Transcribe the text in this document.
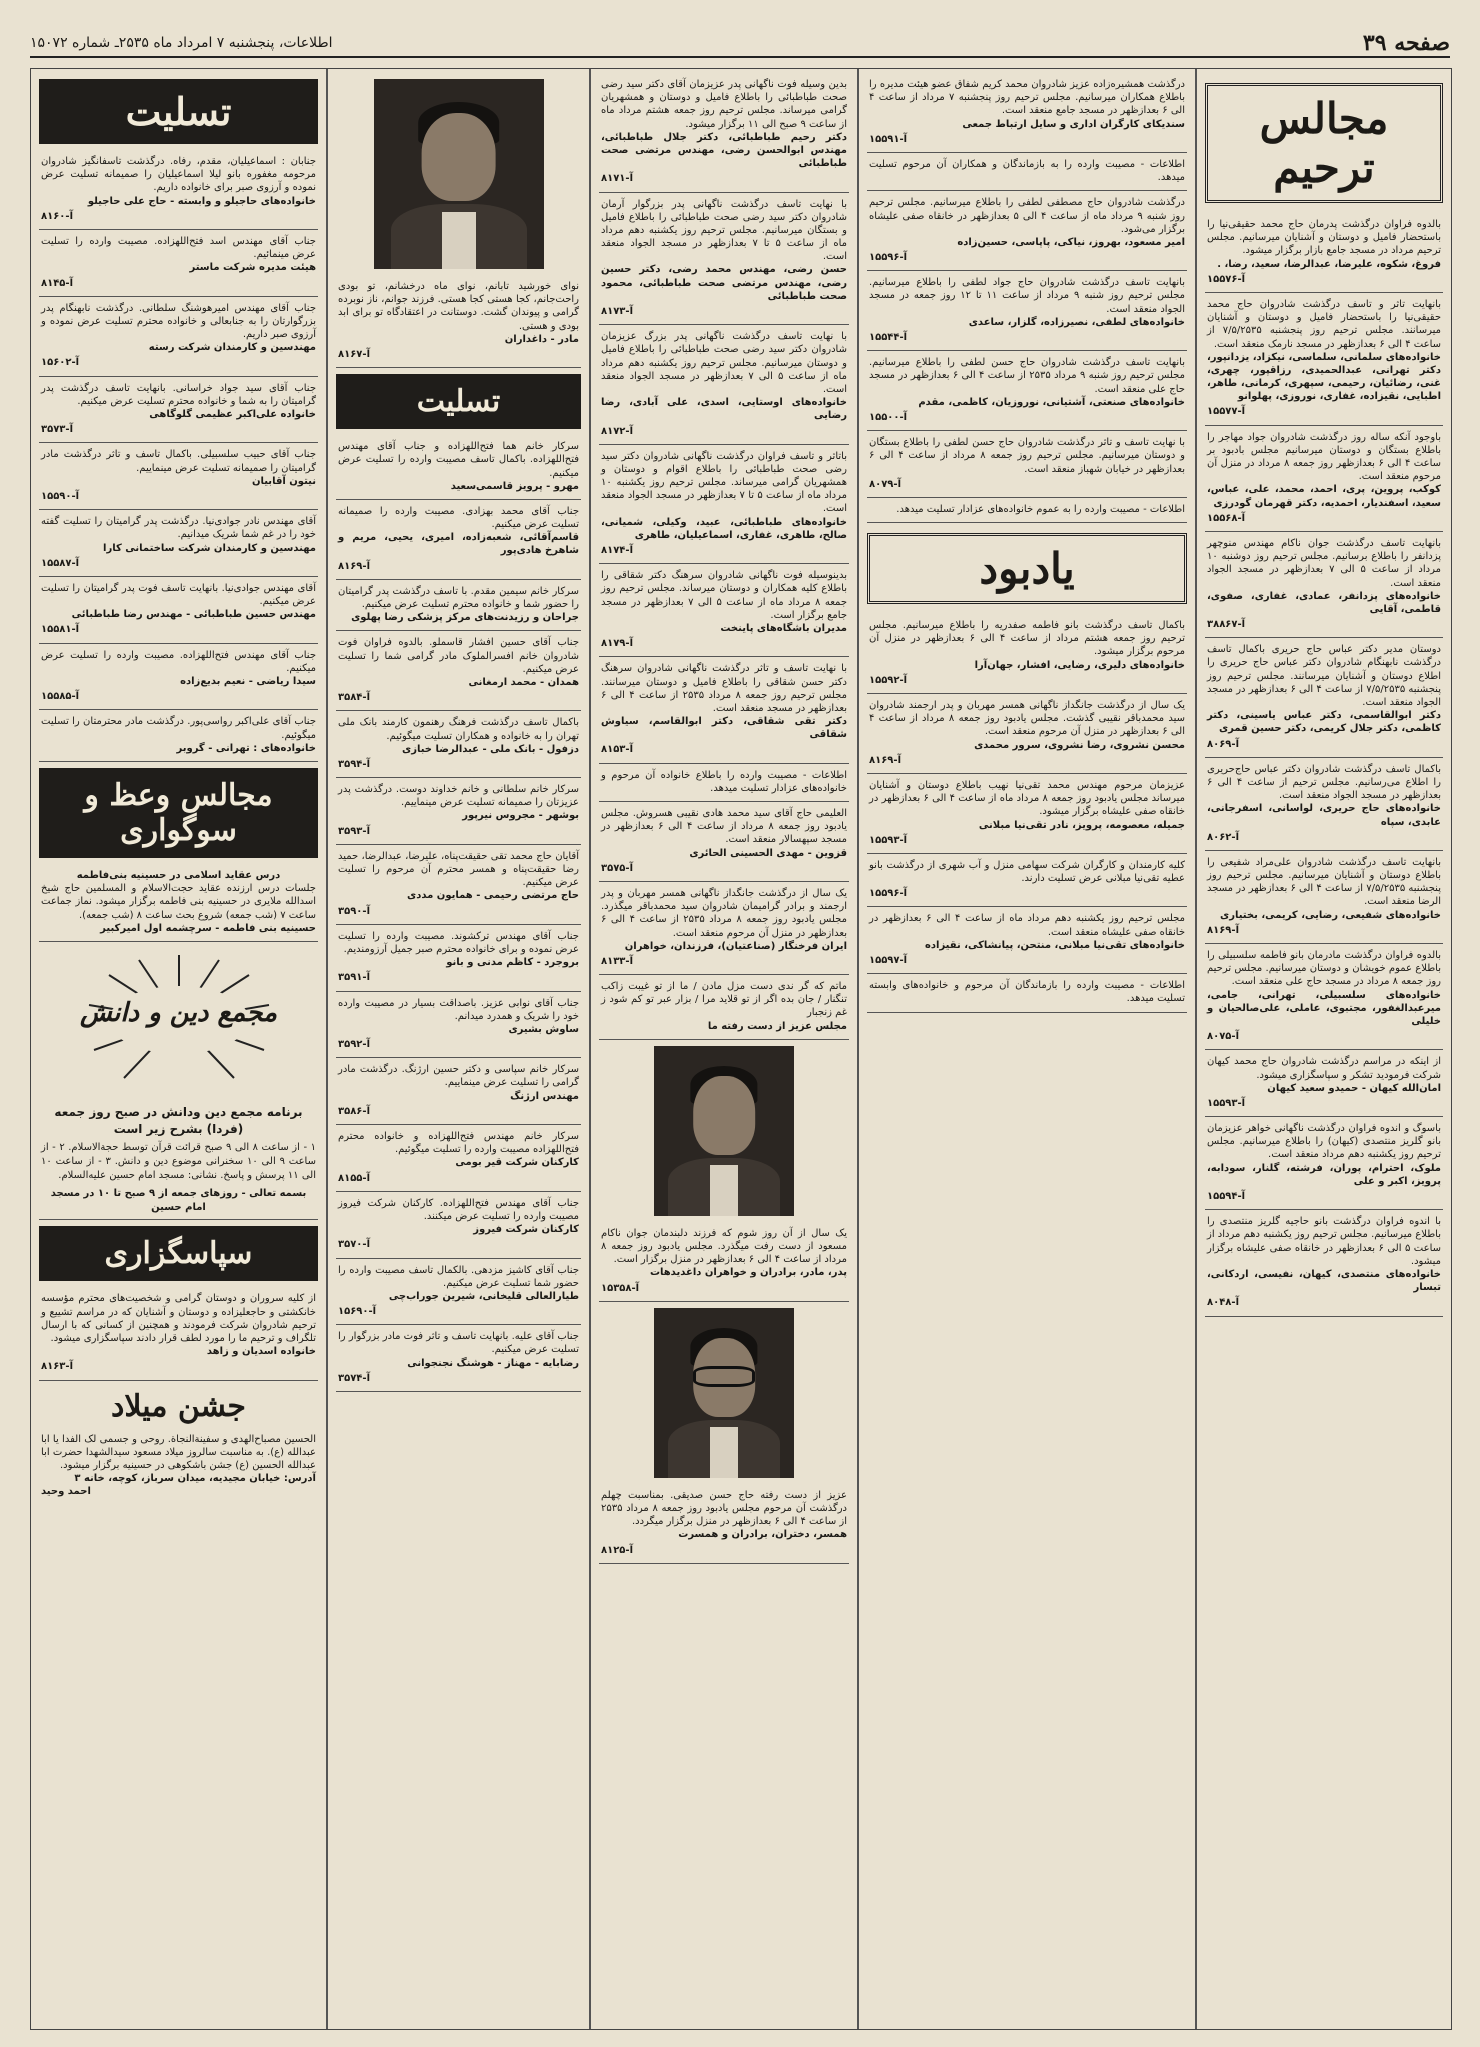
صفحه ۳۹
اطلاعات، پنجشنبه ۷ امرداد ماه ۲۵۳۵ـ شماره ۱۵۰۷۲
مجالس ترحیم

بالدوه فراوان درگذشت پدرمان حاج محمد حقیقی‌نیا را باستحضار فامیل و دوستان و آشنایان میرسانیم. مجلس ترحیم مرداد در مسجد جامع بازار برگزار میشود.

فروغ، شکوه، علیرضا، عبدالرضا، سعید، رضا، .

آ-۱۵۵۷۶

بانهایت تاثر و تاسف درگذشت شادروان حاج محمد حقیقی‌نیا را باستحضار فامیل و دوستان و آشنایان میرسانند. مجلس ترحیم روز پنجشنبه ۷/۵/۲۵۳۵ از ساعت ۴ الی ۶ بعدازظهر در مسجد نارمک منعقد است.

خانواده‌های سلمانی، سلماسی، نیکزاد، یزدانپور، دکتر تهرانی، عبدالحمیدی، رزاقپور، چهری، غنی، رضائیان، رحیمی، سپهری، کرمانی، طاهر، اطبایی، نقیزاده، غفاری، نوروزی، پهلوانو

آ-۱۵۵۷۷

باوجود آنکه ساله روز درگذشت شادروان جواد مهاجر را باطلاع بستگان و دوستان میرسانیم مجلس بادبود بر ساعت ۴ الی ۶ بعدازظهر روز جمعه ۸ مرداد در منزل آن مرحوم منعقد است.

کوکب، پروین، پری، احمد، محمد، علی، عباس، سعید، اسفندیار، احمدیه، دکتر قهرمان گودرزی

آ-۱۵۵۶۸

بانهایت تاسف درگذشت جوان ناکام مهندس منوچهر پزدانفر را باطلاع برسانیم. مجلس ترحیم روز دوشنبه ۱۰ مرداد از ساعت ۵ الی ۷ بعدازظهر در مسجد الجواد منعقد است.

خانواده‌های پزدانفر، عمادی، غفاری، صفوی، قاطمی، آقایی

آ-۳۸۸۶۷

دوستان مدیر دکتر عباس حاج حریری باکمال تاسف درگذشت نابهنگام شادروان دکتر عباس حاج حریری را اطلاع دوستان و آشنایان میرسانند. مجلس ترحیم روز پنجشنبه ۷/۵/۲۵۳۵ از ساعت ۴ الی ۶ بعدازظهر در مسجد الجواد منعقد است.

دکتر ابوالقاسمی، دکتر عباس یاسینی، دکتر کاظمی، دکتر جلال کریمی، دکتر حسین قمری

آ-۸۰۶۹

باکمال تاسف درگذشت شادروان دکتر عباس حاج‌حریری را اطلاع می‌رسانیم. مجلس ترحیم از ساعت ۴ الی ۶ بعدازظهر در مسجد الجواد منعقد است.

خانواده‌های حاج حریری، لواسانی، اسفرجانی، عابدی، سپاه

آ-۸۰۶۲

بانهایت تاسف درگذشت شادروان علی‌مراد شفیعی را باطلاع دوستان و آشنایان میرسانیم. مجلس ترحیم روز پنجشنبه ۷/۵/۲۵۳۵ از ساعت ۴ الی ۶ بعدازظهر در مسجد الرضا منعقد است.

خانواده‌های شفیعی، رضایی، کریمی، بختیاری

آ-۸۱۶۹

بالدوه فراوان درگذشت مادرمان بانو فاطمه سلسبیلی را باطلاع عموم خویشان و دوستان میرسانیم. مجلس ترحیم روز جمعه ۸ مرداد در مسجد حاج علی منعقد است.

خانواده‌های سلسبیلی، تهرانی، جامی، میرعبدالغفور، مجتبوی، عاملی، علی‌صالحیان و خلیلی

آ-۸۰۷۵

از اینکه در مراسم درگذشت شادروان حاج محمد کیهان شرکت فرمودید تشکر و سپاسگزاری میشود.

امان‌الله کیهان - حمیدو سعید کیهان

آ-۱۵۵۹۳

باسوگ و اندوه فراوان درگذشت ناگهانی خواهر عزیزمان بانو گلریز منتصدی (کیهان) را باطلاع میرسانیم. مجلس ترحیم روز یکشنبه دهم مرداد منعقد است.

ملوک، احترام، پوران، فرشته، گلنار، سودابه، پرویز، اکبر و علی

آ-۱۵۵۹۴

با اندوه فراوان درگذشت بانو حاجیه گلریز منتصدی را باطلاع میرسانیم. مجلس ترحیم روز یکشنبه دهم مرداد از ساعت ۵ الی ۶ بعدازظهر در خانقاه صفی علیشاه برگزار میشود.

خانواده‌های منتصدی، کیهان، نفیسی، اردکانی، تبسار

آ-۸۰۴۸

درگذشت همشیره‌زاده عزیز شادروان محمد کریم شفاق عضو هیئت مدیره را باطلاع همکاران میرسانیم. مجلس ترحیم روز پنجشنبه ۷ مرداد از ساعت ۴ الی ۶ بعدازظهر در مسجد جامع منعقد است.

سندیکای کارگران اداری و سایل ارتباط جمعی

آ-۱۵۵۹۱

اطلاعات - مصیبت وارده را به بازماندگان و همکاران آن مرحوم تسلیت میدهد.

درگذشت شادروان حاج مصطفی لطفی را باطلاع میرسانیم. مجلس ترحیم روز شنبه ۹ مرداد ماه از ساعت ۴ الی ۵ بعدازظهر در خانقاه صفی علیشاه برگزار می‌شود.

امیر مسعود، بهروز، نیاکی، پاپاسی، حسین‌زاده

آ-۱۵۵۹۶

بانهایت تاسف درگذشت شادروان حاج جواد لطفی را باطلاع میرسانیم. مجلس ترحیم روز شنبه ۹ مرداد از ساعت ۱۱ تا ۱۲ روز جمعه در مسجد الجواد منعقد است.

خانواده‌های لطفی، نصیرزاده، گلزار، ساعدی

آ-۱۵۵۴۴

بانهایت تاسف درگذشت شادروان حاج حسن لطفی را باطلاع میرسانیم. مجلس ترحیم روز شنبه ۹ مرداد ۲۵۳۵ از ساعت ۴ الی ۶ بعدازظهر در مسجد حاج علی منعقد است.

خانواده‌های صنعتی، آشتیانی، نوروزیان، کاظمی، مقدم

آ-۱۵۵۰۰

با نهایت تاسف و تاثر درگذشت شادروان حاج حسن لطفی را باطلاع بستگان و دوستان میرسانیم. مجلس ترحیم روز جمعه ۸ مرداد از ساعت ۴ الی ۶ بعدازظهر در خیابان شهباز منعقد است.

آ-۸۰۷۹

اطلاعات - مصیبت وارده را به عموم خانواده‌های عزادار تسلیت میدهد.

یادبود

باکمال تاسف درگذشت بانو فاطمه صفدریه را باطلاع میرسانیم. مجلس ترحیم روز جمعه هشتم مرداد از ساعت ۴ الی ۶ بعدازظهر در منزل آن مرحوم برگزار میشود.

خانواده‌های دلیری، رضایی، افشار، جهان‌آرا

آ-۱۵۵۹۲

یک سال از درگذشت جانگداز ناگهانی همسر مهربان و پدر ارجمند شادروان سید محمدباقر نقیبی گذشت. مجلس یادبود روز جمعه ۸ مرداد از ساعت ۴ الی ۶ بعدازظهر در منزل آن مرحوم منعقد است.

محسن نشروی، رضا نشروی، سرور محمدی

آ-۸۱۶۹

عزیزمان مرحوم مهندس محمد تقی‌نیا نهیب باطلاع دوستان و آشنایان میرساند مجلس یادبود روز جمعه ۸ مرداد ماه از ساعت ۴ الی ۶ بعدازظهر در خانقاه صفی علیشاه برگزار میشود.

جمیله، معصومه، پرویز، نادر تقی‌نیا مبلانی

آ-۱۵۵۹۳

کلیه کارمندان و کارگران شرکت سهامی منزل و آب شهری از درگذشت بانو عطیه تقی‌نیا مبلانی عرض تسلیت دارند.

آ-۱۵۵۹۶

مجلس ترحیم روز یکشنبه دهم مرداد ماه از ساعت ۴ الی ۶ بعدازظهر در خانقاه صفی علیشاه منعقد است.

خانواده‌های تقی‌نیا مبلانی، منتحن، پیانشاکی، نقیزاده

آ-۱۵۵۹۷

اطلاعات - مصیبت وارده را بازماندگان آن مرحوم و خانواده‌های وابسته تسلیت میدهد.

بدین وسیله فوت ناگهانی پدر عزیزمان آقای دکتر سید رضی صحت طباطبائی را باطلاع فامیل و دوستان و همشهریان گرامی میرساند. مجلس ترحیم روز جمعه هشتم مرداد ماه از ساعت ۹ صبح الی ۱۱ برگزار میشود.

دکتر رحیم طباطبائی، دکتر جلال طباطبائی، مهندس ابوالحسن رضی، مهندس مرتضی صحت طباطبائی

آ-۸۱۷۱

با نهایت تاسف درگذشت ناگهانی پدر بزرگوار آرمان شادروان دکتر سید رضی صحت طباطبائی را باطلاع فامیل و بستگان میرسانیم. مجلس ترحیم روز یکشنبه دهم مرداد ماه از ساعت ۵ تا ۷ بعدازظهر در مسجد الجواد منعقد است.

حسن رضی، مهندس محمد رضی، دکتر حسین رضی، مهندس مرتضی صحت طباطبائی، محمود صحت طباطبائی

آ-۸۱۷۳

با نهایت تاسف درگذشت ناگهانی پدر بزرگ عزیزمان شادروان دکتر سید رضی صحت طباطبائی را باطلاع فامیل و دوستان میرسانیم. مجلس ترحیم روز یکشنبه دهم مرداد ماه از ساعت ۵ الی ۷ بعدازظهر در مسجد الجواد منعقد است.

خانواده‌های اوستایی، اسدی، علی آبادی، رضا رضایی

آ-۸۱۷۲

باتاثر و تاسف فراوان درگذشت ناگهانی شادروان دکتر سید رضی صحت طباطبائی را باطلاع اقوام و دوستان و همشهریان گرامی میرساند. مجلس ترحیم روز یکشنبه ۱۰ مرداد ماه از ساعت ۵ تا ۷ بعدازظهر در مسجد الجواد منعقد است.

خانواده‌های طباطبائی، عبید، وکیلی، شمیانی، صالح، طاهری، غفاری، اسماعیلیان، طاهری

آ-۸۱۷۴

بدینوسیله فوت ناگهانی شادروان سرهنگ دکتر شقاقی را باطلاع کلیه همکاران و دوستان میرساند. مجلس ترحیم روز جمعه ۸ مرداد ماه از ساعت ۵ الی ۷ بعدازظهر در مسجد جامع برگزار است.

مدیران باشگاه‌های پاینخت

آ-۸۱۷۹

با نهایت تاسف و تاثر درگذشت ناگهانی شادروان سرهنگ دکتر حسن شقاقی را باطلاع فامیل و دوستان میرسانند. مجلس ترحیم روز جمعه ۸ مرداد ۲۵۳۵ از ساعت ۴ الی ۶ بعدازظهر در مسجد منعقد است.

دکتر تقی شقاقی، دکتر ابوالقاسم، سیاوش شقاقی

آ-۸۱۵۳

اطلاعات - مصیبت وارده را باطلاع خانواده آن مرحوم و خانواده‌های عزادار تسلیت میدهد.

العلیمی حاج آقای سید محمد هادی نقیبی هسروش. مجلس یادبود روز جمعه ۸ مرداد از ساعت ۴ الی ۶ بعدازظهر در مسجد سپهسالار منعقد است.

قزوین - مهدی الحسینی الحائری

آ-۳۵۷۵

یک سال از درگذشت جانگداز ناگهانی همسر مهربان و پدر ارجمند و برادر گرامیمان شادروان سید محمدباقر میگذرد. مجلس یادبود روز جمعه ۸ مرداد ۲۵۳۵ از ساعت ۴ الی ۶ بعدازظهر در منزل آن مرحوم منعقد است.

ایران فرخنگار (صناعتیان)، فرزندان، خواهران

آ-۸۱۳۳

ماتم که گر ندی دست مزل مادن / ما از تو غیبت زاکب تنگنار / جان بده اگر از تو قلاید مرا / بزار عبر تو کم شود ز غم زنجبار

مجلس عزیز از دست رفته ما

یک سال از آن روز شوم که فرزند دلبندمان جوان ناکام مسعود از دست رفت میگذرد. مجلس یادبود روز جمعه ۸ مرداد از ساعت ۴ الی ۶ بعدازظهر در منزل برگزار است.

پدر، مادر، برادران و خواهران داغدیدهات

آ-۱۵۳۵۸

عزیز از دست رفته حاج حسن صدیقی. بمناسبت چهلم درگذشت آن مرحوم مجلس یادبود روز جمعه ۸ مرداد ۲۵۳۵ از ساعت ۴ الی ۶ بعدازظهر در منزل برگزار میگردد.

همسر، دختران، برادران و همسرت

آ-۸۱۲۵

نوای خورشید تابانم، نوای ماه درخشانم، تو بودی راحت‌جانم، کجا هستی کجا هستی. فرزند جوانم، ناز نوبرده گرامی و پیوندان گشت. دوستانت در اعتقادگاه تو برای ابد بودی و هستی.

مادر - داغداران

آ-۸۱۶۷

تسلیت

سرکار خانم هما فتح‌اللهزاده و جناب آقای مهندس فتح‌اللهزاده. باکمال تاسف مصیبت وارده را تسلیت عرض میکنیم.

مهرو - پرویز قاسمی‌سعید

جناب آقای محمد بهزادی. مصیبت وارده را صمیمانه تسلیت عرض میکنیم.

قاسم‌آقائی، شعبه‌زاده، امیری، یحیی، مریم و شاهرخ هادی‌پور

آ-۸۱۶۹

سرکار خانم سیمین مقدم. با تاسف درگذشت پدر گرامیتان را حضور شما و خانواده محترم تسلیت عرض میکنیم.

جراحان و رزیدنت‌های مرکز پزشکی رضا پهلوی

جناب آقای حسین افشار قاسملو. بالدوه فراوان فوت شادروان خانم افسرالملوک مادر گرامی شما را تسلیت عرض میکنیم.

همدان - محمد ارمغانی

آ-۳۵۸۴

باکمال تاسف درگذشت فرهنگ رهنمون کارمند بانک ملی تهران را به خانواده و همکاران تسلیت میگوئیم.

دزفول - بانک ملی - عبدالرضا خبازی

آ-۳۵۹۴

سرکار خانم سلطانی و خانم خداوند دوست. درگذشت پدر عزیزتان را صمیمانه تسلیت عرض مینماییم.

بوشهر - مجروس نیرپور

آ-۳۵۹۳

آقایان حاج محمد تقی حقیقت‌پناه، علیرضا، عبدالرضا، حمید رضا حقیقت‌پناه و همسر محترم آن مرحوم را تسلیت عرض میکنیم.

حاج مرتضی رحیمی - همایون مددی

آ-۳۵۹۰

جناب آقای مهندس ترکشوند. مصیبت وارده را تسلیت عرض نموده و برای خانواده محترم صبر جمیل آرزومندیم.

بروجرد - کاظم مدنی و بانو

آ-۳۵۹۱

جناب آقای نوابی عزیز. باصداقت بسیار در مصیبت وارده خود را شریک و همدرد میدانم.

ساوش بشیری

آ-۳۵۹۲

سرکار خانم سپاسی و دکتر حسین ارژنگ. درگذشت مادر گرامی را تسلیت عرض مینماییم.

مهندس ارژنگ

آ-۳۵۸۶

سرکار خانم مهندس فتح‌اللهزاده و خانواده محترم فتح‌اللهزاده مصیبت وارده را تسلیت میگوئیم.

کارکنان شرکت قیر بومی

آ-۸۱۵۵

جناب آقای مهندس فتح‌اللهزاده. کارکنان شرکت فیروز مصیبت وارده را تسلیت عرض میکنند.

کارکنان شرکت فیروز

آ-۳۵۷۰

جناب آقای کاشیز مزدهی. بالکمال تاسف مصیبت وارده را حضور شما تسلیت عرض میکنیم.

طیارالعالی قلیخانی، شیرین جوراب‌چی

آ-۱۵۶۹۰

جناب آقای علیه. بانهایت تاسف و تاثر فوت مادر بزرگوار را تسلیت عرض میکنیم.

رضابایه - مهناز - هوشنگ نجنجوانی

آ-۳۵۷۴

تسلیت

جنابان : اسماعیلیان، مقدم، رفاه. درگذشت تاسفانگیز شادروان مرحومه مغفوره بانو لیلا اسماعیلیان را صمیمانه تسلیت عرض نموده و آرزوی صبر برای خانواده داریم.

خانواده‌های حاجیلو و وابسته - حاج علی حاجیلو

آ-۸۱۶۰

جناب آقای مهندس اسد فتح‌اللهزاده. مصیبت وارده را تسلیت عرض مینمائیم.

هیئت مدیره شرکت ماستر

آ-۸۱۴۵

جناب آقای مهندس امیرهوشنگ سلطانی. درگذشت نابهنگام پدر بزرگوارتان را به جنابعالی و خانواده محترم تسلیت عرض نموده و آرزوی صبر داریم.

مهندسین و کارمندان شرکت رسته

آ-۱۵۶۰۲

جناب آقای سید جواد خراسانی. بانهایت تاسف درگذشت پدر گرامیتان را به شما و خانواده محترم تسلیت عرض میکنیم.

خانواده علی‌اکبر عظیمی گلوگاهی

آ-۳۵۷۳

جناب آقای حبیب سلسبیلی. باکمال تاسف و تاثر درگذشت مادر گرامیتان را صمیمانه تسلیت عرض مینماییم.

نیتون آقابیان

آ-۱۵۵۹۰

آقای مهندس نادر جوادی‌نیا. درگذشت پدر گرامیتان را تسلیت گفته خود را در غم شما شریک میدانیم.

مهندسین و کارمندان شرکت ساختمانی کارا

آ-۱۵۵۸۷

آقای مهندس جوادی‌نیا. بانهایت تاسف فوت پدر گرامیتان را تسلیت عرض میکنیم.

مهندس حسین طباطبائی - مهندس رضا طباطبائی

آ-۱۵۵۸۱

جناب آقای مهندس فتح‌اللهزاده. مصیبت وارده را تسلیت عرض میکنیم.

سیدا ریاضی - نعیم بدیع‌زاده

آ-۱۵۵۸۵

جناب آقای علی‌اکبر رواسی‌پور. درگذشت مادر محترمتان را تسلیت میگوئیم.

خانواده‌های : تهرانی - گروبر

مجالس وعظ و سوگواری

درس عقاید اسلامی در حسینیه بنی‌فاطمه

جلسات درس ارزنده عقاید حجت‌الاسلام و المسلمین حاج شیخ اسدالله ملایری در حسینیه بنی فاطمه برگزار میشود. نماز جماعت ساعت ۷ (شب جمعه) شروع بحث ساعت ۸ (شب جمعه).

حسینیه بنی فاطمه - سرچشمه اول امیرکبیر

مجمع دین و دانش
برنامه مجمع دین ودانش در صبح روز جمعه (فردا) بشرح زیر است

۱ - از ساعت ۸ الی ۹ صبح قرائت قرآن توسط حجة‌الاسلام. ۲ - از ساعت ۹ الی ۱۰ سخنرانی موضوع دین و دانش. ۳ - از ساعت ۱۰ الی ۱۱ پرسش و پاسخ. نشانی: مسجد امام حسین علیه‌السلام.

بسمه تعالی - روزهای جمعه از ۹ صبح تا ۱۰ در مسجد امام حسین

سپاسگزاری

از کلیه سروران و دوستان گرامی و شخصیت‌های محترم مؤسسه خانکشتی و حاجعلیزاده و دوستان و آشنایان که در مراسم تشییع و ترحیم شادروان شرکت فرمودند و همچنین از کسانی که با ارسال تلگراف و ترحیم ما را مورد لطف قرار دادند سپاسگزاری میشود.

خانواده اسدیان و زاهد

آ-۸۱۶۳

جشن میلاد

الحسین مصباح‌الهدی و سفینةالنجاة. روحی و جسمی لک الفدا یا ابا عبدالله (ع). به مناسبت سالروز میلاد مسعود سیدالشهدا حضرت ابا عبدالله الحسین (ع) جشن باشکوهی در حسینیه برگزار میشود.

آدرس: خیابان مجیدیه، میدان سرباز، کوچه، خانه ۳

احمد وحید
